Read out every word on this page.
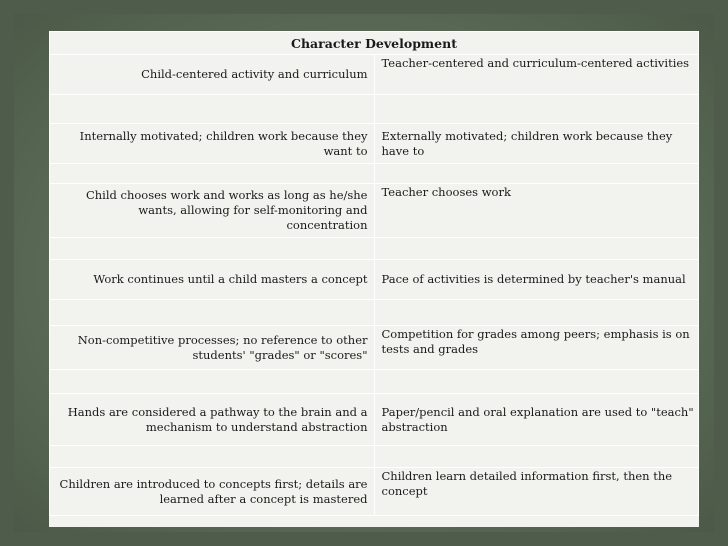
Character Development	
Child-centered activity and curriculum	Teacher-centered and curriculum-centered activities

Internally motivated; children work because they want to	Externally motivated; children work because they have to

Child chooses work and works as long as he/she wants, allowing for self-monitoring and concentration	Teacher chooses work

Work continues until a child masters a concept	Pace of activities is determined by teacher's manual

Non-competitive processes; no reference to other students' "grades" or "scores"	Competition for grades among peers; emphasis is on tests and grades

Hands are considered a pathway to the brain and a mechanism to understand abstraction	Paper/pencil and oral explanation are used to "teach" abstraction

Children are introduced to concepts first; details are learned after a concept is mastered	Children learn detailed information first, then the concept
